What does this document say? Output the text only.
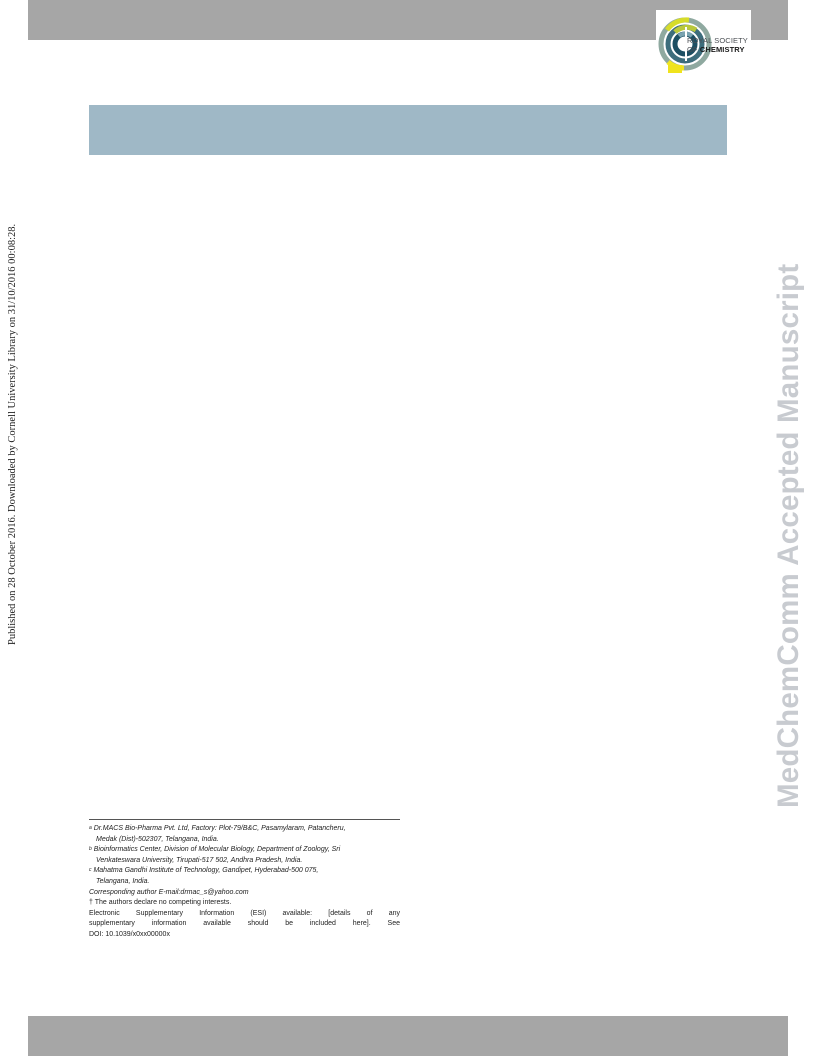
ROYAL SOCIETY
OF CHEMISTRY
Published on 28 October 2016. Downloaded by Cornell University Library on 31/10/2016 00:08:28.	MedChemComm Accepted Manuscript
$^a$ Dr.MACS Bio-Pharma Pvt. Ltd, Factory: Plot-79/B&C, Pasamylaram, Patancheru,
Medak (Dist)-502307, Telangana, India.
$^b$ Bioinformatics Center, Division of Molecular Biology, Department of Zoology, Sri
Venkateswara University, Tirupati-517 502, Andhra Pradesh, India.
$^c$ Mahatma Gandhi Institute of Technology, Gandipet, Hyderabad-500 075,
Telangana, India.
Corresponding author E-mail:drmac_s@yahoo.com
† The authors declare no competing interests.
Electronic Supplementary Information (ESI) available: [details of any
supplementary information available should be included here]. See
DOI: 10.1039/x0xx00000x
